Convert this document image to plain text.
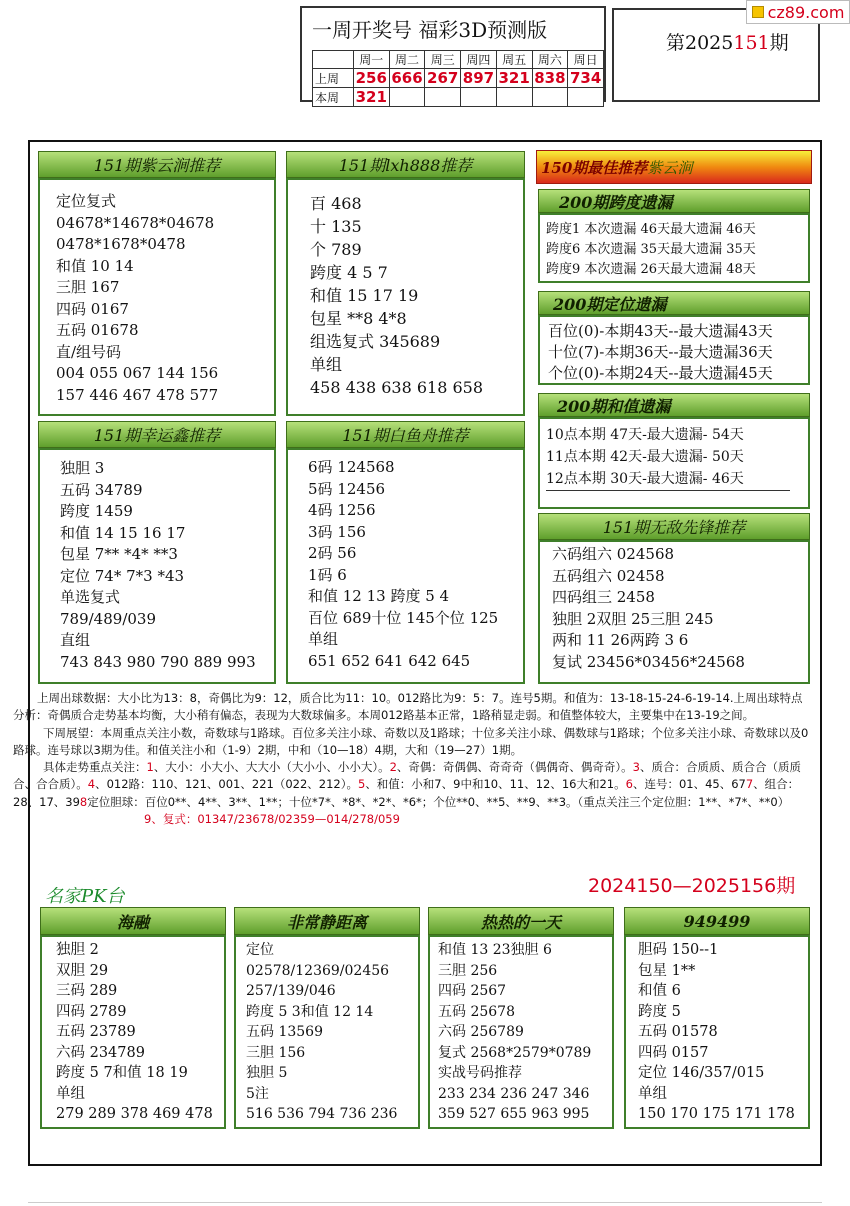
一周开奖号 福彩3D预测版
	周一	周二	周三	周四	周五	周六	周日
上周	256	666	267	897	321	838	734
本周	321						
第2025151期
cz89.com
151期紫云涧推荐
定位复式
04678*14678*04678
0478*1678*0478
和值 10 14
三胆 167
四码 0167
五码 01678
直/组号码
004 055 067 144 156
157 446 467 478 577
151期幸运鑫推荐
独胆 3
五码 34789
跨度 1459
和值 14 15 16 17
包星 7** *4* **3
定位 74* 7*3 *43
单选复式
789/489/039
直组
743 843 980 790 889 993
151期lxh888推荐
百 468
十 135
个 789
跨度 4 5 7
和值 15 17 19
包星 **8 4*8
组选复式 345689
单组
458 438 638 618 658
151期白鱼舟推荐
6码 124568
5码 12456
4码 1256
3码 156
2码 56
1码 6
和值 12 13 跨度 5 4
百位 689十位 145个位 125
单组
651 652 641 642 645
150期最佳推荐 紫云涧
200期跨度遗漏
跨度1 本次遗漏 46天最大遗漏 46天
跨度6 本次遗漏 35天最大遗漏 35天
跨度9 本次遗漏 26天最大遗漏 48天
200期定位遗漏
百位(0)-本期43天--最大遗漏43天
十位(7)-本期36天--最大遗漏36天
个位(0)-本期24天--最大遗漏45天
200期和值遗漏
10点本期 47天-最大遗漏- 54天
11点本期 42天-最大遗漏- 50天
12点本期 30天-最大遗漏- 46天
151期无敌先锋推荐
六码组六 024568
五码组六 02458
四码组三 2458
独胆 2双胆 25三胆 245
两和 11 26两跨 3 6
复试 23456*03456*24568

上周出球数据：大小比为13：8，奇偶比为9：12，质合比为11：10。012路比为9：5：7。连号5期。和值为：13-18-15-24-6-19-14.上周出球特点分析：奇偶质合走势基本均衡，大小稍有偏态，表现为大数球偏多。本周012路基本正常，1路稍显走弱。和值整体较大，主要集中在13-19之间。

下周展望：本周重点关注小数，奇数球与1路球。百位多关注小球、奇数以及1路球；十位多关注小球、偶数球与1路球；个位多关注小球、奇数球以及0路球。连号球以3期为佳。和值关注小和（1-9）2期，中和（10—18）4期，大和（19—27）1期。

具体走势重点关注：1、大小：小大小、大大小（大小小、小小大）。2、奇偶：奇偶偶、奇奇奇（偶偶奇、偶奇奇）。3、质合：合质质、质合合（质质合、合合质）。4、012路：110、121、001、221（022、212）。5、和值：小和7、9中和10、11、12、16大和21。6、连号：01、45、677、组合：28、17、398定位胆球：百位0**、4**、3**、1**；十位*7*、*8*、*2*、*6*；个位**0、**5、**9、**3。（重点关注三个定位胆：1**、*7*、**0）

9、复式：01347/23678/02359—014/278/059

名家PK台	2024150—2025156期
海融
独胆 2
双胆 29
三码 289
四码 2789
五码 23789
六码 234789
跨度 5 7和值 18 19
单组
279 289 378 469 478
非常静距离
定位
02578/12369/02456
257/139/046
跨度 5 3和值 12 14
五码 13569
三胆 156
独胆 5
5注
516 536 794 736 236
热热的一天
和值 13 23独胆 6
三胆 256
四码 2567
五码 25678
六码 256789
复式 2568*2579*0789
实战号码推荐
233 234 236 247 346
359 527 655 963 995
949499
胆码 150--1
包星 1**
和值 6
跨度 5
五码 01578
四码 0157
定位 146/357/015
单组
150 170 175 171 178
